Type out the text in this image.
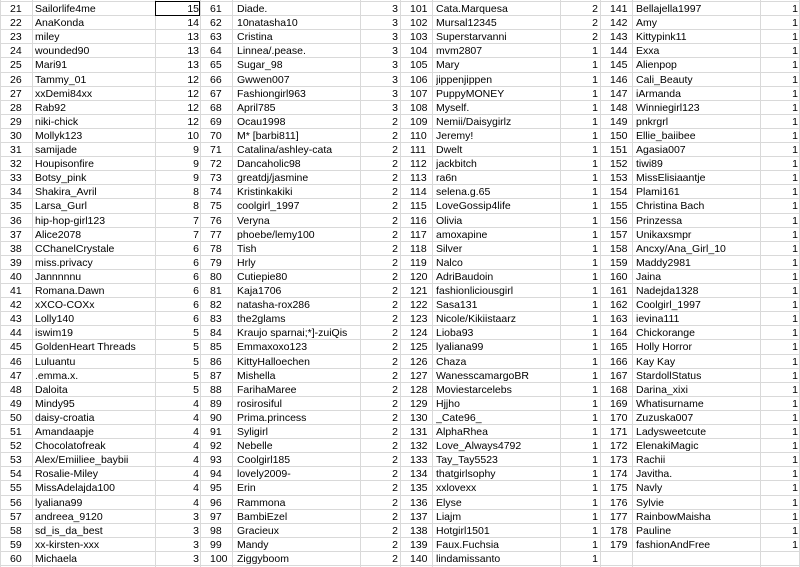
21	Sailorlife4me	15
22	AnaKonda	14
23	miley	13
24	wounded90	13
25	Mari91	13
26	Tammy_01	12
27	xxDemi84xx	12
28	Rab92	12
29	niki-chick	12
30	Mollyk123	10
31	samijade	9
32	Houpisonfire	9
33	Botsy_pink	9
34	Shakira_Avril	8
35	Larsa_Gurl	8
36	hip-hop-girl123	7
37	Alice2078	7
38	CChanelCrystale	6
39	miss.privacy	6
40	Jannnnnu	6
41	Romana.Dawn	6
42	xXCO-COXx	6
43	Lolly140	6
44	iswim19	5
45	GoldenHeart Threads	5
46	Luluantu	5
47	.emma.x.	5
48	Daloita	5
49	Mindy95	4
50	daisy-croatia	4
51	Amandaapje	4
52	Chocolatofreak	4
53	Alex/Emiiliee_baybii	4
54	Rosalie-Miley	4
55	MissAdelajda100	4
56	lyaliana99	4
57	andreea_9120	3
58	sd_is_da_best	3
59	xx-kirsten-xxx	3
60	Michaela	3
61	Diade.	3
62	10natasha10	3
63	Cristina	3
64	Linnea/.pease.	3
65	Sugar_98	3
66	Gwwen007	3
67	Fashiongirl963	3
68	April785	3
69	Ocau1998	2
70	M* [barbi811]	2
71	Catalina/ashley-cata	2
72	Dancaholic98	2
73	greatdj/jasmine	2
74	Kristinkakiki	2
75	coolgirl_1997	2
76	Veryna	2
77	phoebe/lemy100	2
78	Tish	2
79	Hrly	2
80	Cutiepie80	2
81	Kaja1706	2
82	natasha-rox286	2
83	the2glams	2
84	Kraujo sparnai;*]-zuiQis	2
85	Emmaxoxo123	2
86	KittyHalloechen	2
87	Mishella	2
88	FarihaMaree	2
89	rosirosiful	2
90	Prima.princess	2
91	Syligirl	2
92	Nebelle	2
93	Coolgirl185	2
94	lovely2009-	2
95	Erin	2
96	Rammona	2
97	BambiEzel	2
98	Gracieux	2
99	Mandy	2
100 Ziggyboom	2
101 Cata.Marquesa	2
102 Mursal12345	2
103 Superstarvanni	2
104 mvm2807	1
105 Mary	1
106 jippenjippen	1
107 PuppyMONEY	1
108 Myself.	1
109 Nemii/Daisygirlz	1
110 Jeremy!	1
111 Dwelt	1
112 jackbitch	1
113 ra6n	1
114 selena.g.65	1
115 LoveGossip4life	1
116 Olivia	1
117 amoxapine	1
118 Silver	1
119 Nalco	1
120 AdriBaudoin	1
121 fashionliciousgirl	1
122 Sasa131	1
123 Nicole/Kikiistaarz	1
124 Lioba93	1
125 lyaliana99	1
126 Chaza	1
127 WanesscamargoBR	1
128 Moviestarcelebs	1
129 Hjjho	1
130 _Cate96_	1
131 AlphaRhea	1
132 Love_Always4792	1
133 Tay_Tay5523	1
134 thatgirlsophy	1
135 xxlovexx	1
136 Elyse	1
137 Liajm	1
138 Hotgirl1501	1
139 Faux.Fuchsia	1
140 lindamissanto	1
141 Bellajella1997	1
142 Amy	1
143 Kittypink11	1
144 Exxa	1
145 Alienpop	1
146 Cali_Beauty	1
147 iArmanda	1
148 Winniegirl123	1
149 pnkrgrl	1
150 Ellie_baiibee	1
151 Agasia007	1
152 tiwi89	1
153 MissElisiaantje	1
154 Plami161	1
155 Christina Bach	1
156 Prinzessa	1
157 Unikaxsmpr	1
158 Ancxy/Ana_Girl_10	1
159 Maddy2981	1
160 Jaina	1
161 Nadejda1328	1
162 Coolgirl_1997	1
163 ievina111	1
164 Chickorange	1
165 Holly Horror	1
166 Kay Kay	1
167 StardollStatus	1
168 Darina_xixi	1
169 Whatisurname	1
170 Zuzuska007	1
171 Ladysweetcute	1
172 ElenakiMagic	1
173 Rachii	1
174 Javitha.	1
175 Navly	1
176 Sylvie	1
177 RainbowMaisha	1
178 Pauline	1
179 fashionAndFree	1
